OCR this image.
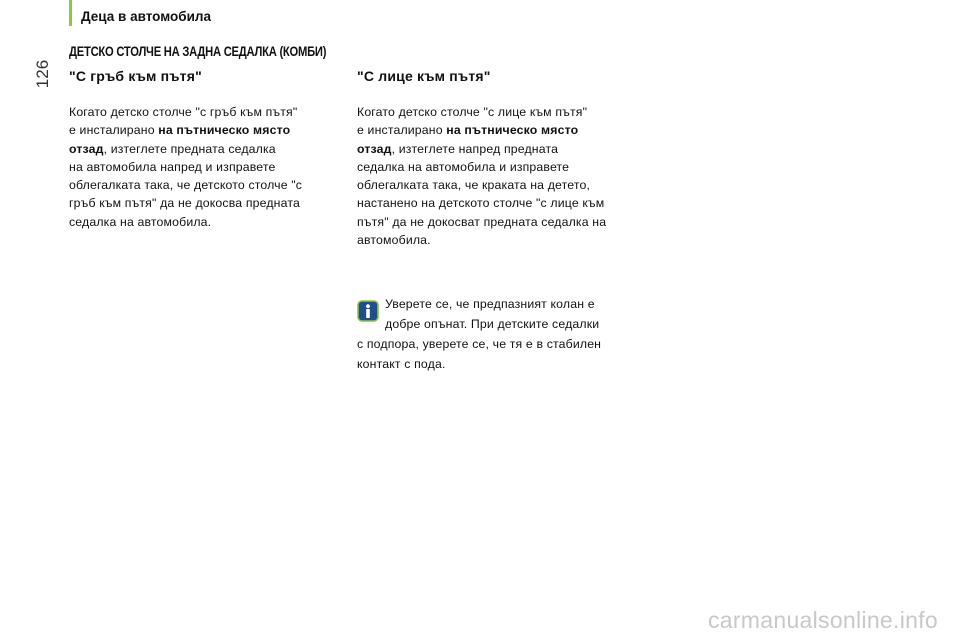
Деца в автомобила
126
ДЕТСКО СТОЛЧЕ НА ЗАДНА СЕДАЛКА (КОМБИ)
"С гръб към пътя"

Когато детско столче "с гръб към пътя"
е инсталирано на пътническо място
отзад, изтеглете предната седалка
на автомобила напред и изправете
облегалката така, че детското столче "с
гръб към пътя" да не докосва предната
седалка на автомобила.

"С лице към пътя"

Когато детско столче "с лице към пътя"
е инсталирано на пътническо място
отзад, изтеглете напред предната
седалка на автомобила и изправете
облегалката така, че краката на детето,
настанено на детското столче "с лице към
пътя" да не докосват предната седалка на
автомобила.

Уверете се, че предпазният колан е
добре опънат. При детските седалки
с подпора, уверете се, че тя е в стабилен
контакт с пода.
carmanualsonline.info
